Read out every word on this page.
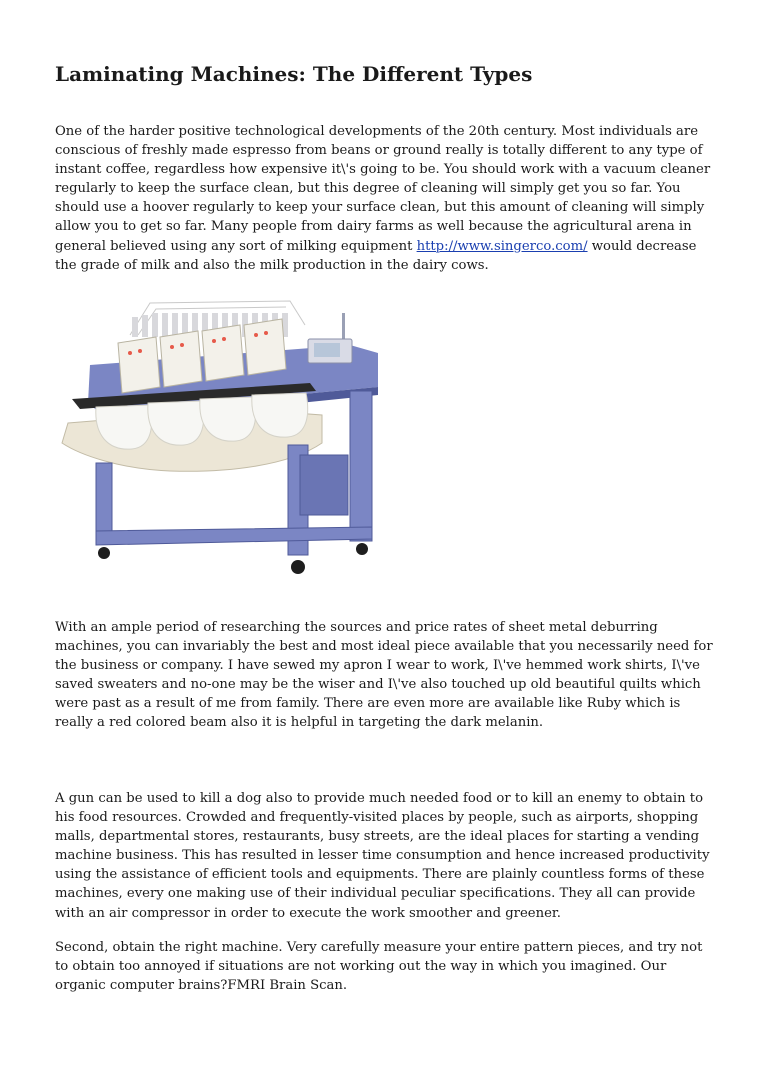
Laminating Machines: The Different Types

One of the harder positive technological developments of the 20th century. Most individuals are conscious of freshly made espresso from beans or ground really is totally different to any type of instant coffee, regardless how expensive it\'s going to be. You should work with a vacuum cleaner regularly to keep the surface clean, but this degree of cleaning will simply get you so far. You should use a hoover regularly to keep your surface clean, but this amount of cleaning will simply allow you to get so far. Many people from dairy farms as well because the agricultural arena in general believed using any sort of milking equipment http://www.singerco.com/ would decrease the grade of milk and also the milk production in the dairy cows.

With an ample period of researching the sources and price rates of sheet metal deburring machines, you can invariably the best and most ideal piece available that you necessarily need for the business or company. I have sewed my apron I wear to work, I\'ve hemmed work shirts, I\'ve saved sweaters and no-one may be the wiser and I\'ve also touched up old beautiful quilts which were past as a result of me from family. There are even more are available like Ruby which is really a red colored beam also it is helpful in targeting the dark melanin.

A gun can be used to kill a dog also to provide much needed food or to kill an enemy to obtain to his food resources. Crowded and frequently-visited places by people, such as airports, shopping malls, departmental stores, restaurants, busy streets, are the ideal places for starting a vending machine business. This has resulted in lesser time consumption and hence increased productivity using the assistance of efficient tools and equipments. There are plainly countless forms of these machines, every one making use of their individual peculiar specifications. They all can provide with an air compressor in order to execute the work smoother and greener.

Second, obtain the right machine. Very carefully measure your entire pattern pieces, and try not to obtain too annoyed if situations are not working out the way in which you imagined. Our organic computer brains?FMRI Brain Scan.
